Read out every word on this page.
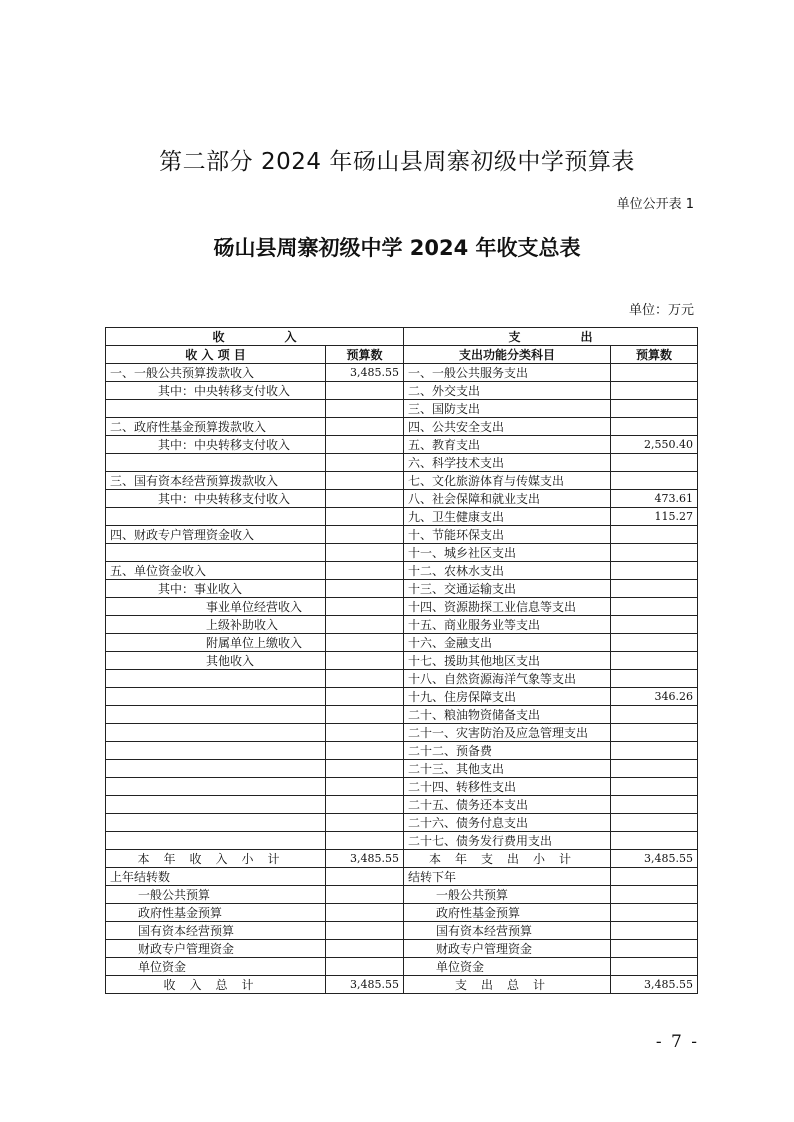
第二部分 2024 年砀山县周寨初级中学预算表
单位公开表 1
砀山县周寨初级中学 2024 年收支总表
单位：万元
收　　　　　入		支　　　　　出	
收 入 项 目	预算数	支出功能分类科目	预算数
一、一般公共预算拨款收入	3,485.55	一、一般公共服务支出	
其中：中央转移支付收入		二、外交支出	
		三、国防支出	
二、政府性基金预算拨款收入		四、公共安全支出	
其中：中央转移支付收入		五、教育支出	2,550.40
		六、科学技术支出	
三、国有资本经营预算拨款收入		七、文化旅游体育与传媒支出	
其中：中央转移支付收入		八、社会保障和就业支出	473.61
		九、卫生健康支出	115.27
四、财政专户管理资金收入		十、节能环保支出	
		十一、城乡社区支出	
五、单位资金收入		十二、农林水支出	
其中：事业收入		十三、交通运输支出	
事业单位经营收入		十四、资源勘探工业信息等支出	
上级补助收入		十五、商业服务业等支出	
附属单位上缴收入		十六、金融支出	
其他收入		十七、援助其他地区支出	
		十八、自然资源海洋气象等支出	
		十九、住房保障支出	346.26
		二十、粮油物资储备支出	
		二十一、灾害防治及应急管理支出	
		二十二、预备费	
		二十三、其他支出	
		二十四、转移性支出	
		二十五、债务还本支出	
		二十六、债务付息支出	
		二十七、债务发行费用支出	
本年收入小计	3,485.55	本年支出小计	3,485.55
上年结转数		结转下年	
一般公共预算		一般公共预算	
政府性基金预算		政府性基金预算	
国有资本经营预算		国有资本经营预算	
财政专户管理资金		财政专户管理资金	
单位资金		单位资金	
收入总计	3,485.55	支出总计	3,485.55
- 7 -
